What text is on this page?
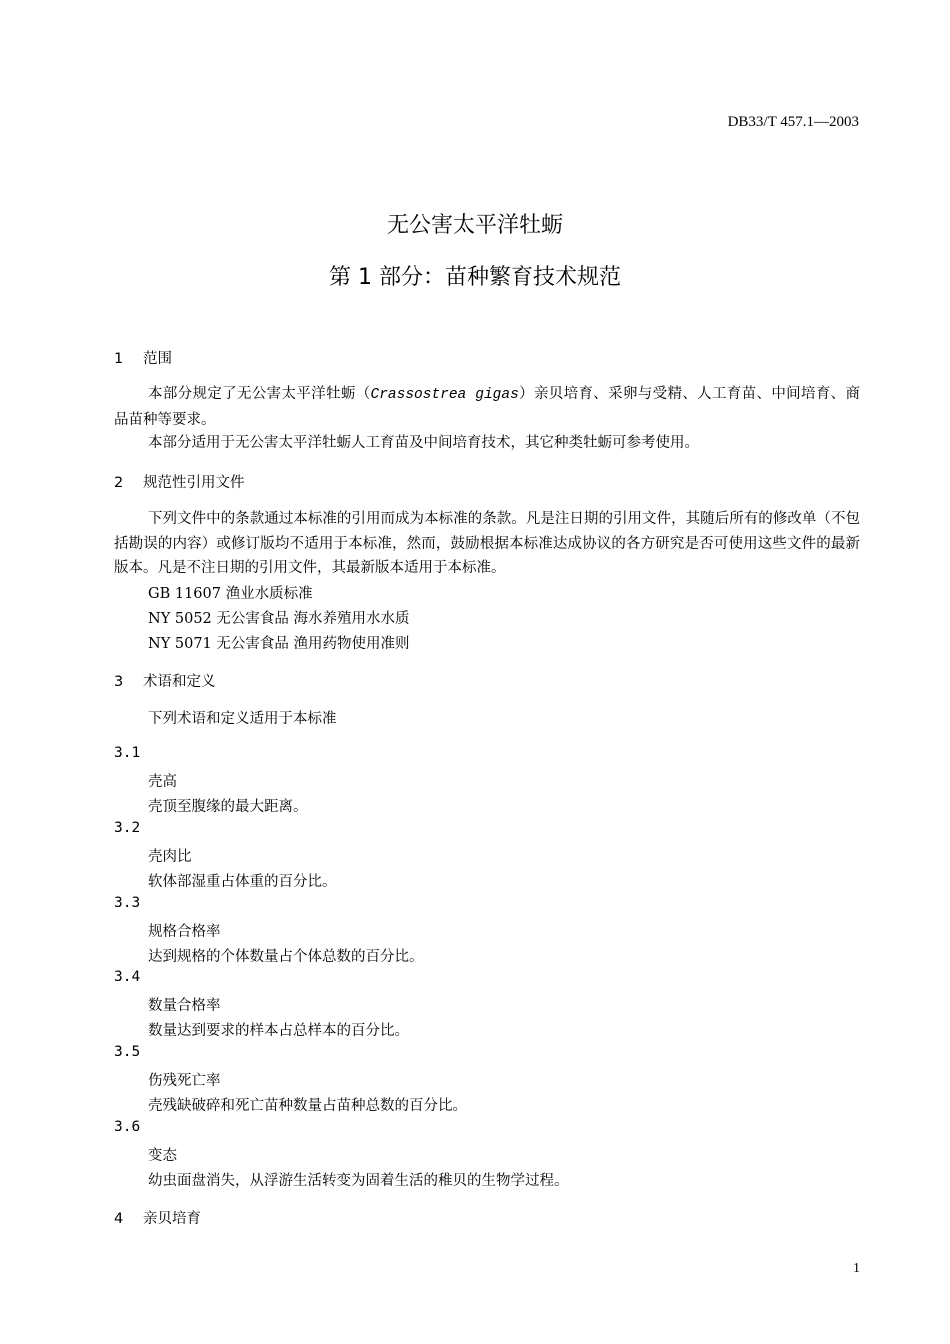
DB33/T 457.1—2003
无公害太平洋牡蛎
第 1 部分：苗种繁育技术规范
1 范围
本部分规定了无公害太平洋牡蛎（Crassostrea gigas）亲贝培育、采卵与受精、人工育苗、中间培育、商品苗种等要求。
本部分适用于无公害太平洋牡蛎人工育苗及中间培育技术，其它种类牡蛎可参考使用。
2 规范性引用文件
下列文件中的条款通过本标准的引用而成为本标准的条款。凡是注日期的引用文件，其随后所有的修改单（不包括勘误的内容）或修订版均不适用于本标准，然而，鼓励根据本标准达成协议的各方研究是否可使用这些文件的最新版本。凡是不注日期的引用文件，其最新版本适用于本标准。
GB 11607 渔业水质标准
NY 5052 无公害食品 海水养殖用水水质
NY 5071 无公害食品 渔用药物使用准则
3 术语和定义
下列术语和定义适用于本标准
3.1
壳高
壳顶至腹缘的最大距离。
3.2
壳肉比
软体部湿重占体重的百分比。
3.3
规格合格率
达到规格的个体数量占个体总数的百分比。
3.4
数量合格率
数量达到要求的样本占总样本的百分比。
3.5
伤残死亡率
壳残缺破碎和死亡苗种数量占苗种总数的百分比。
3.6
变态
幼虫面盘消失，从浮游生活转变为固着生活的稚贝的生物学过程。
4 亲贝培育
1
